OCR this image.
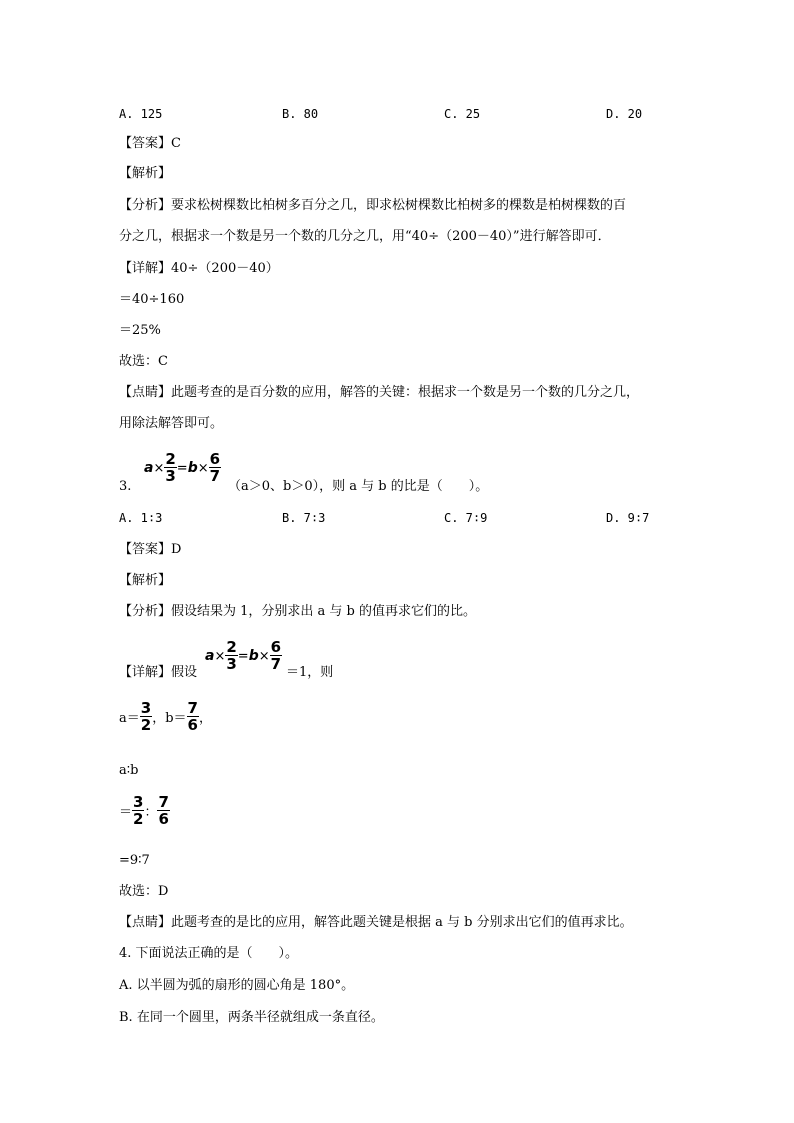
A. 125	B. 80	C. 25	D. 20
【答案】C
【解析】
【分析】要求松树棵数比柏树多百分之几，即求松树棵数比柏树多的棵数是柏树棵数的百
分之几，根据求一个数是另一个数的几分之几，用“40÷（200－40）”进行解答即可．
【详解】40÷（200－40）
＝40÷160
＝25%
故选：C
【点睛】此题考查的是百分数的应用，解答的关键：根据求一个数是另一个数的几分之几，
用除法解答即可。
3.
$a\times \frac{2}{3} =b\times \frac{6}{7}$
（a＞0、b＞0），则 a 与 b 的比是（　　）。
A. 1∶3	B. 7∶3	C. 7∶9	D. 9∶7
【答案】D
【解析】
【分析】假设结果为 1，分别求出 a 与 b 的值再求它们的比。
【详解】假设
$a\times \frac{2}{3} =b\times \frac{6}{7}$
＝1，则
$a= \frac{3}{2}$ ，$b= \frac{7}{6}$ ，
a∶b
＝ $\frac{3}{2}$ ： $\frac{7}{6}$
=9∶7
故选：D
【点睛】此题考查的是比的应用，解答此题关键是根据 a 与 b 分别求出它们的值再求比。
4. 下面说法正确的是（　　）。
A. 以半圆为弧的扇形的圆心角是 180°。
B. 在同一个圆里，两条半径就组成一条直径。
